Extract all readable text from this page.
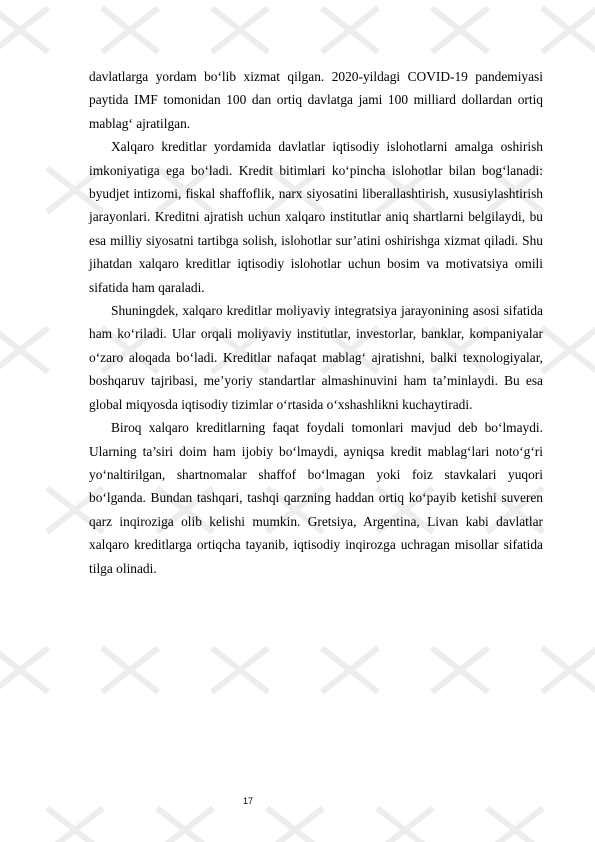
davlatlarga yordam bo‘lib xizmat qilgan. 2020-yildagi COVID-19 pandemiyasi paytida IMF tomonidan 100 dan ortiq davlatga jami 100 milliard dollardan ortiq mablag‘ ajratilgan.

Xalqaro kreditlar yordamida davlatlar iqtisodiy islohotlarni amalga oshirish imkoniyatiga ega bo‘ladi. Kredit bitimlari ko‘pincha islohotlar bilan bog‘lanadi: byudjet intizomi, fiskal shaffoflik, narx siyosatini liberallashtirish, xususiylashtirish jarayonlari. Kreditni ajratish uchun xalqaro institutlar aniq shartlarni belgilaydi, bu esa milliy siyosatni tartibga solish, islohotlar sur’atini oshirishga xizmat qiladi. Shu jihatdan xalqaro kreditlar iqtisodiy islohotlar uchun bosim va motivatsiya omili sifatida ham qaraladi.

Shuningdek, xalqaro kreditlar moliyaviy integratsiya jarayonining asosi sifatida ham ko‘riladi. Ular orqali moliyaviy institutlar, investorlar, banklar, kompaniyalar o‘zaro aloqada bo‘ladi. Kreditlar nafaqat mablag‘ ajratishni, balki texnologiyalar, boshqaruv tajribasi, me’yoriy standartlar almashinuvini ham ta’minlaydi. Bu esa global miqyosda iqtisodiy tizimlar o‘rtasida o‘xshashlikni kuchaytiradi.

Biroq xalqaro kreditlarning faqat foydali tomonlari mavjud deb bo‘lmaydi. Ularning ta’siri doim ham ijobiy bo‘lmaydi, ayniqsa kredit mablag‘lari noto‘g‘ri yo‘naltirilgan, shartnomalar shaffof bo‘lmagan yoki foiz stavkalari yuqori bo‘lganda. Bundan tashqari, tashqi qarzning haddan ortiq ko‘payib ketishi suveren qarz inqiroziga olib kelishi mumkin. Gretsiya, Argentina, Livan kabi davlatlar xalqaro kreditlarga ortiqcha tayanib, iqtisodiy inqirozga uchragan misollar sifatida tilga olinadi.

17
